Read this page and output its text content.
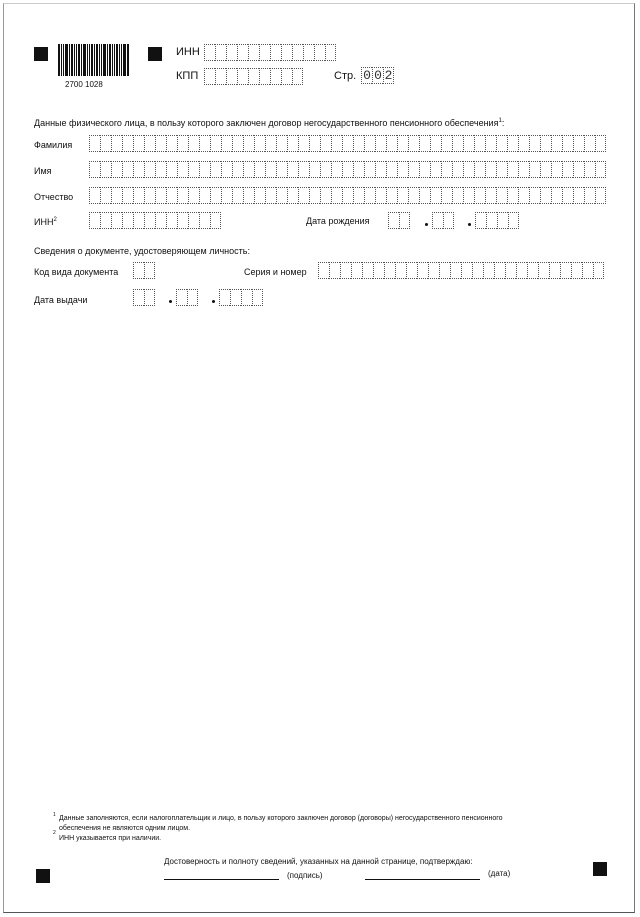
2700 1028
ИНН
КПП	Стр. 0 0 2
Данные физического лица, в пользу которого заключен договор негосударственного пенсионного обеспечения$^1$:
Фамилия
Имя
Отчество
ИНН$^2$	Дата рождения
Сведения о документе, удостоверяющем личность:
Код вида документа	Серия и номер
Дата выдачи
1 Данные заполняются, если налогоплательщик и лицо, в пользу которого заключен договор (договоры) негосударственного пенсионного
обеспечения не являются одним лицом.
2
ИНН указывается при наличии.
Достоверность и полноту сведений, указанных на данной странице, подтверждаю:
(подпись)	(дата)
